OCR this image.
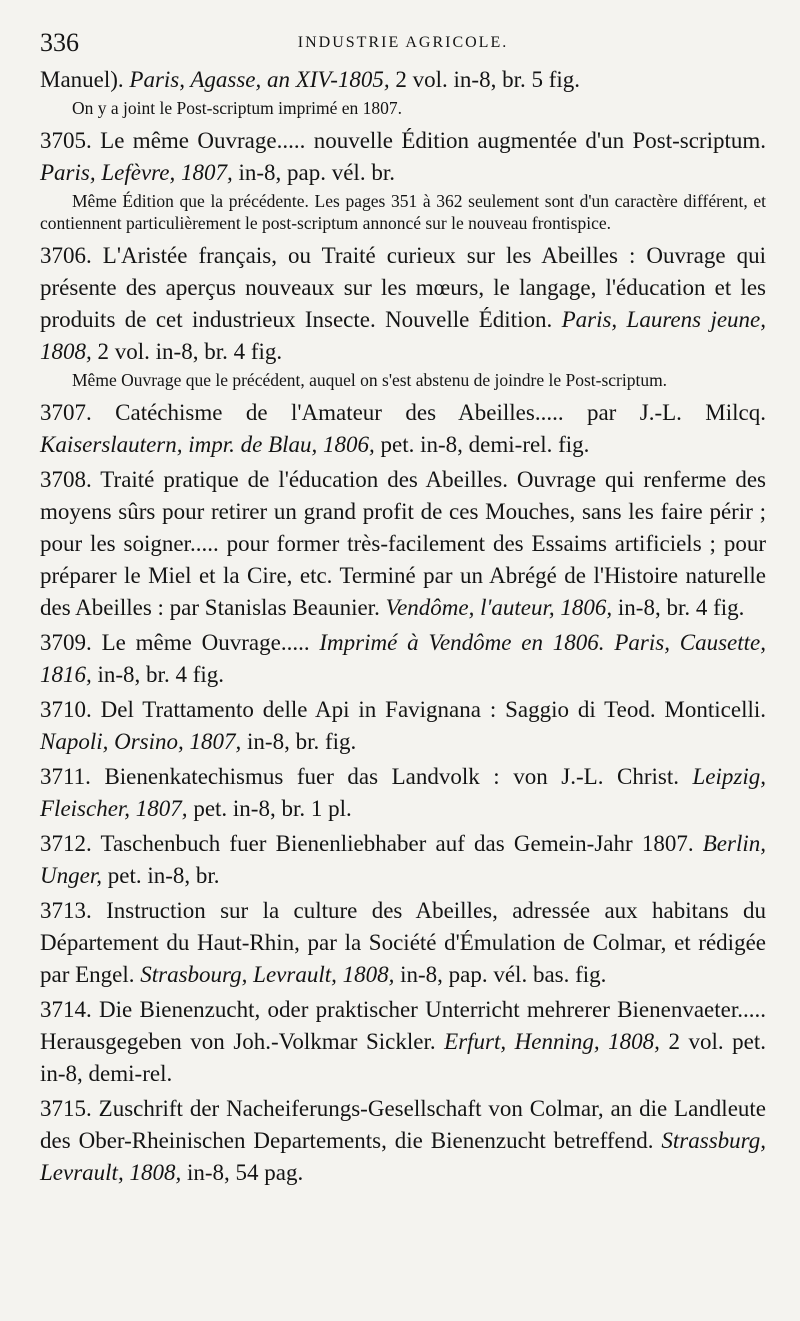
336	INDUSTRIE AGRICOLE.

Manuel). Paris, Agasse, an XIV-1805, 2 vol. in-8, br. 5 fig.

On y a joint le Post-scriptum imprimé en 1807.

3705. Le même Ouvrage..... nouvelle Édition augmentée d'un Post-scriptum. Paris, Lefèvre, 1807, in-8, pap. vél. br.

Même Édition que la précédente. Les pages 351 à 362 seulement sont d'un caractère différent, et contiennent particulièrement le post-scriptum annoncé sur le nouveau frontispice.

3706. L'Aristée français, ou Traité curieux sur les Abeilles : Ouvrage qui présente des aperçus nouveaux sur les mœurs, le langage, l'éducation et les produits de cet industrieux Insecte. Nouvelle Édition. Paris, Laurens jeune, 1808, 2 vol. in-8, br. 4 fig.

Même Ouvrage que le précédent, auquel on s'est abstenu de joindre le Post-scriptum.

3707. Catéchisme de l'Amateur des Abeilles..... par J.-L. Milcq. Kaiserslautern, impr. de Blau, 1806, pet. in-8, demi-rel. fig.

3708. Traité pratique de l'éducation des Abeilles. Ouvrage qui renferme des moyens sûrs pour retirer un grand profit de ces Mouches, sans les faire périr ; pour les soigner..... pour former très-facilement des Essaims artificiels ; pour préparer le Miel et la Cire, etc. Terminé par un Abrégé de l'Histoire naturelle des Abeilles : par Stanislas Beaunier. Vendôme, l'auteur, 1806, in-8, br. 4 fig.

3709. Le même Ouvrage..... Imprimé à Vendôme en 1806. Paris, Causette, 1816, in-8, br. 4 fig.

3710. Del Trattamento delle Api in Favignana : Saggio di Teod. Monticelli. Napoli, Orsino, 1807, in-8, br. fig.

3711. Bienenkatechismus fuer das Landvolk : von J.-L. Christ. Leipzig, Fleischer, 1807, pet. in-8, br. 1 pl.

3712. Taschenbuch fuer Bienenliebhaber auf das Gemein-Jahr 1807. Berlin, Unger, pet. in-8, br.

3713. Instruction sur la culture des Abeilles, adressée aux habitans du Département du Haut-Rhin, par la Société d'Émulation de Colmar, et rédigée par Engel. Strasbourg, Levrault, 1808, in-8, pap. vél. bas. fig.

3714. Die Bienenzucht, oder praktischer Unterricht mehrerer Bienenvaeter..... Herausgegeben von Joh.-Volkmar Sickler. Erfurt, Henning, 1808, 2 vol. pet. in-8, demi-rel.

3715. Zuschrift der Nacheiferungs-Gesellschaft von Colmar, an die Landleute des Ober-Rheinischen Departements, die Bienenzucht betreffend. Strassburg, Levrault, 1808, in-8, 54 pag.
